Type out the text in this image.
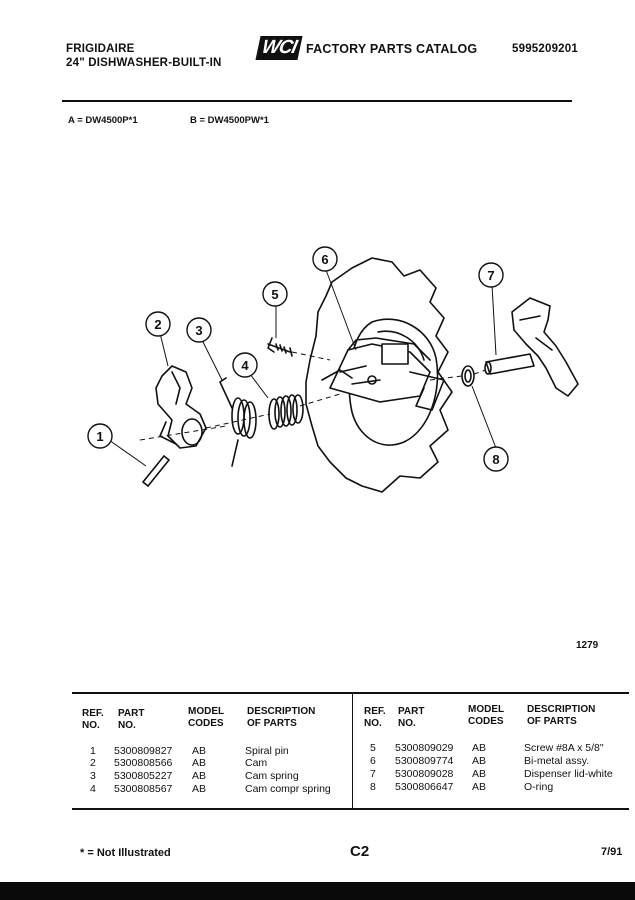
FRIGIDAIRE
24" DISHWASHER-BUILT-IN
WCI FACTORY PARTS CATALOG	5995209201
A = DW4500P*1	B = DW4500PW*1
1
2	3
4
5
6
7
8
1279
REF.
NO.
PART
NO.
MODEL
CODES
DESCRIPTION
OF PARTS
REF.
NO.
PART
NO.
MODEL
CODES
DESCRIPTION
OF PARTS
1 5300809827 AB	Spiral pin
2 5300808566 AB	Cam
3 5300805227 AB	Cam spring
4 5300808567 AB	Cam compr spring
5 5300809029 AB	Screw #8A x 5/8"
6 5300809774 AB	Bi-metal assy.
7 5300809028 AB	Dispenser lid-white
8 5300806647 AB	O-ring
* = Not Illustrated	C2	7/91
